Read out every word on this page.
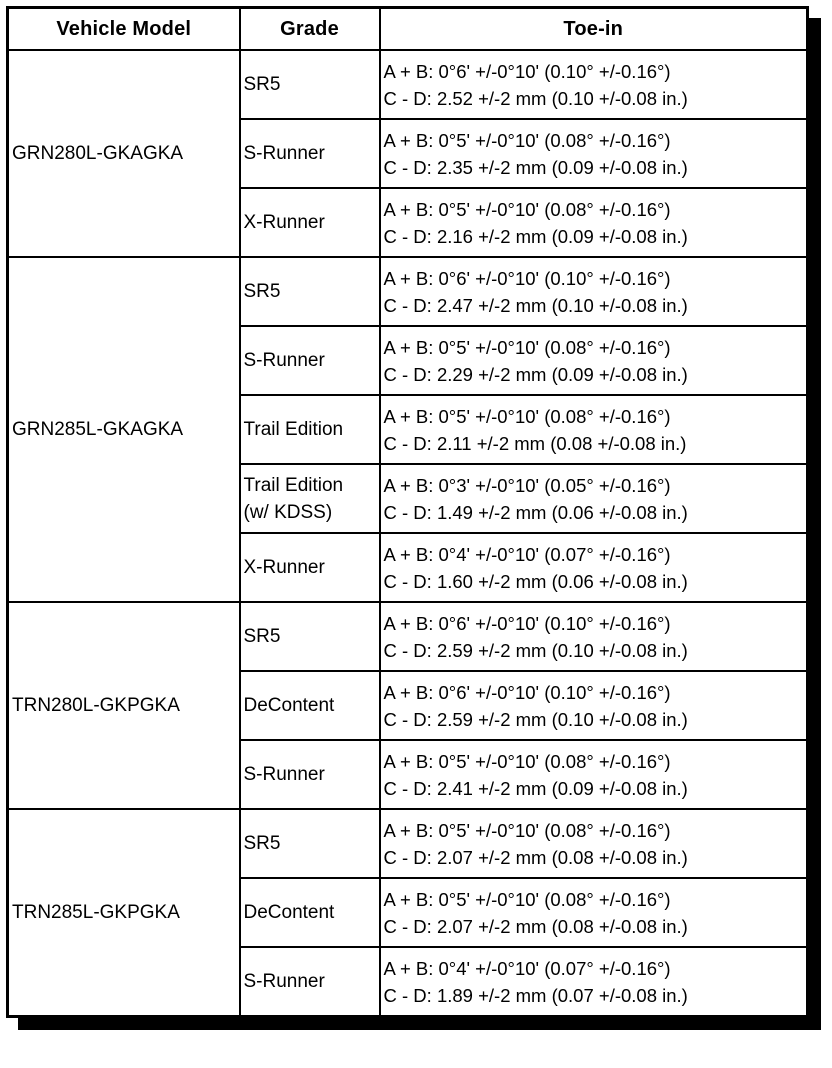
Vehicle Model	Grade	Toe-in
GRN280L-GKAGKA	SR5	A + B: 0°6' +/-0°10' (0.10° +/-0.16°)
C - D: 2.52 +/-2 mm (0.10 +/-0.08 in.)

	S-Runner	A + B: 0°5' +/-0°10' (0.08° +/-0.16°)
C - D: 2.35 +/-2 mm (0.09 +/-0.08 in.)

	X-Runner	A + B: 0°5' +/-0°10' (0.08° +/-0.16°)
C - D: 2.16 +/-2 mm (0.09 +/-0.08 in.)

GRN285L-GKAGKA	SR5	A + B: 0°6' +/-0°10' (0.10° +/-0.16°)
C - D: 2.47 +/-2 mm (0.10 +/-0.08 in.)

	S-Runner	A + B: 0°5' +/-0°10' (0.08° +/-0.16°)
C - D: 2.29 +/-2 mm (0.09 +/-0.08 in.)

	Trail Edition	A + B: 0°5' +/-0°10' (0.08° +/-0.16°)
C - D: 2.11 +/-2 mm (0.08 +/-0.08 in.)

	Trail Edition
(w/ KDSS)	A + B: 0°3' +/-0°10' (0.05° +/-0.16°)
C - D: 1.49 +/-2 mm (0.06 +/-0.08 in.)

	X-Runner	A + B: 0°4' +/-0°10' (0.07° +/-0.16°)
C - D: 1.60 +/-2 mm (0.06 +/-0.08 in.)

TRN280L-GKPGKA	SR5	A + B: 0°6' +/-0°10' (0.10° +/-0.16°)
C - D: 2.59 +/-2 mm (0.10 +/-0.08 in.)

	DeContent	A + B: 0°6' +/-0°10' (0.10° +/-0.16°)
C - D: 2.59 +/-2 mm (0.10 +/-0.08 in.)

	S-Runner	A + B: 0°5' +/-0°10' (0.08° +/-0.16°)
C - D: 2.41 +/-2 mm (0.09 +/-0.08 in.)

TRN285L-GKPGKA	SR5	A + B: 0°5' +/-0°10' (0.08° +/-0.16°)
C - D: 2.07 +/-2 mm (0.08 +/-0.08 in.)

	DeContent	A + B: 0°5' +/-0°10' (0.08° +/-0.16°)
C - D: 2.07 +/-2 mm (0.08 +/-0.08 in.)

	S-Runner	A + B: 0°4' +/-0°10' (0.07° +/-0.16°)
C - D: 1.89 +/-2 mm (0.07 +/-0.08 in.)
